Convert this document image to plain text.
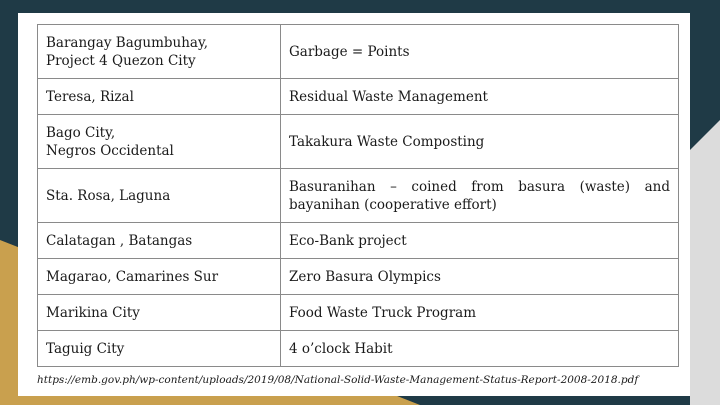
Barangay Bagumbuhay,
Project 4 Quezon City	Garbage = Points
Teresa, Rizal	Residual Waste Management
Bago City,
Negros Occidental	Takakura Waste Composting
Sta. Rosa, Laguna	Basuranihan – coined from basura (waste) and bayanihan (cooperative effort)
Calatagan , Batangas	Eco-Bank project
Magarao, Camarines Sur	Zero Basura Olympics
Marikina City	Food Waste Truck Program
Taguig City	4 o’clock Habit
https://emb.gov.ph/wp-content/uploads/2019/08/National-Solid-Waste-Management-Status-Report-2008-2018.pdf
